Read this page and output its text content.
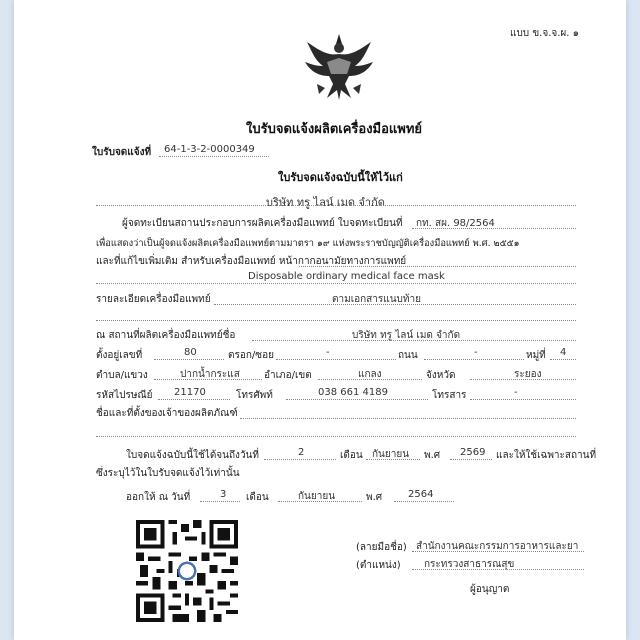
แบบ ข.จ.จ.ผ. ๑
ใบรับจดแจ้งผลิตเครื่องมือแพทย์
ใบรับจดแจ้งที่ 64-1-3-2-0000349
ใบรับจดแจ้งฉบับนี้ให้ไว้แก่
บริษัท ทรู ไลน์ เมด จำกัด
ผู้จดทะเบียนสถานประกอบการผลิตเครื่องมือแพทย์ ใบจดทะเบียนที่ กท. สผ. 98/2564
เพื่อแสดงว่าเป็นผู้จดแจ้งผลิตเครื่องมือแพทย์ตามมาตรา ๑๙ แห่งพระราชบัญญัติเครื่องมือแพทย์ พ.ศ. ๒๕๕๑
และที่แก้ไขเพิ่มเติม สำหรับเครื่องมือแพทย์ หน้ากากอนามัยทางการแพทย์
Disposable ordinary medical face mask
รายละเอียดเครื่องมือแพทย์	ตามเอกสารแนบท้าย
ณ สถานที่ผลิตเครื่องมือแพทย์ชื่อ	บริษัท ทรู ไลน์ เมด จำกัด
ตั้งอยู่เลขที่	80	ตรอก/ซอย	-	ถนน	-	หมู่ที่ 4
ตำบล/แขวง	ปากน้ำกระแส อำเภอ/เขต	แกลง	จังหวัด	ระยอง
รหัสไปรษณีย์ 21170	โทรศัพท์	038 661 4189	โทรสาร	-
ชื่อและที่ตั้งของเจ้าของผลิตภัณฑ์
ใบจดแจ้งฉบับนี้ใช้ได้จนถึงวันที่	2	เดือน กันยายน พ.ศ 2569 และให้ใช้เฉพาะสถานที่
ซึ่งระบุไว้ในใบรับจดแจ้งไว้เท่านั้น
ออกให้ ณ วันที่	3 เดือน	กันยายน	พ.ศ	2564
(ลายมือชื่อ) สำนักงานคณะกรรมการอาหารและยา
(ตำแหน่ง) กระทรวงสาธารณสุข
ผู้อนุญาต
